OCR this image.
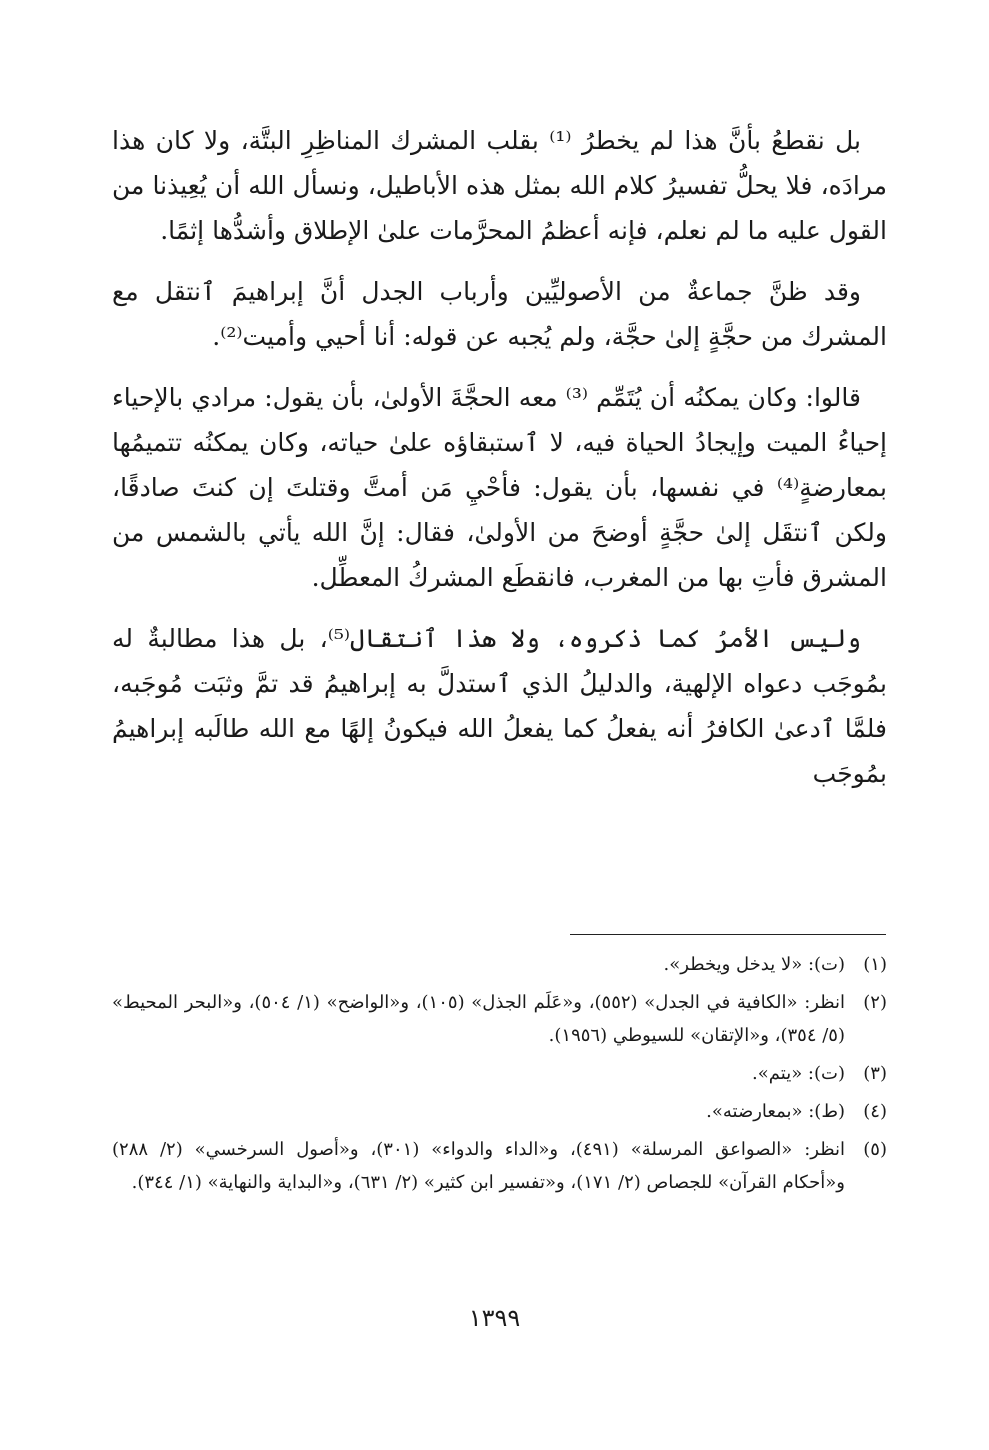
بل نقطعُ بأنَّ هذا لم يخطرُ ⁽¹⁾ بقلب المشرك المناظِرِ البتَّة، ولا كان هذا مرادَه، فلا يحلُّ تفسيرُ كلام الله بمثل هذه الأباطيل، ونسأل الله أن يُعِيذنا من القول عليه ما لم نعلم، فإنه أعظمُ المحرَّمات علىٰ الإطلاق وأشدُّها إثمًا.

وقد ظنَّ جماعةٌ من الأصوليِّين وأرباب الجدل أنَّ إبراهيمَ ٱنتقل مع المشرك من حجَّةٍ إلىٰ حجَّة، ولم يُجبه عن قوله: أنا أحيي وأميت⁽²⁾.

قالوا: وكان يمكنُه أن يُتَمِّم ⁽³⁾ معه الحجَّةَ الأولىٰ، بأن يقول: مرادي بالإحياء إحياءُ الميت وإيجادُ الحياة فيه، لا ٱستبقاؤه علىٰ حياته، وكان يمكنُه تتميمُها بمعارضةٍ⁽⁴⁾ في نفسها، بأن يقول: فأحْيِ مَن أمتَّ وقتلتَ إن كنتَ صادقًا، ولكن ٱنتقَل إلىٰ حجَّةٍ أوضحَ من الأولىٰ، فقال: إنَّ الله يأتي بالشمس من المشرق فأتِ بها من المغرب، فانقطَع المشركُ المعطِّل.

وليس الأمرُ كما ذكروه، ولا هذا ٱنتقال⁽⁵⁾، بل هذا مطالبةٌ له بمُوجَب دعواه الإلهية، والدليلُ الذي ٱستدلَّ به إبراهيمُ قد تمَّ وثبَت مُوجَبه، فلمَّا ٱدعىٰ الكافرُ أنه يفعلُ كما يفعلُ الله فيكونُ إلهًا مع الله طالَبه إبراهيمُ بمُوجَب

(١)
(ت): «لا يدخل ويخطر».
(٢)
انظر: «الكافية في الجدل» (٥٥٢)، و«عَلَم الجذل» (١٠٥)، و«الواضح» (١/ ٥٠٤)، و«البحر المحيط» (٥/ ٣٥٤)، و«الإتقان» للسيوطي (١٩٥٦).
(٣)
(ت): «يتم».
(٤)
(ط): «بمعارضته».
(٥)
انظر: «الصواعق المرسلة» (٤٩١)، و«الداء والدواء» (٣٠١)، و«أصول السرخسي» (٢/ ٢٨٨) و«أحكام القرآن» للجصاص (٢/ ١٧١)، و«تفسير ابن كثير» (٢/ ٦٣١)، و«البداية والنهاية» (١/ ٣٤٤).
١٣٩٩
